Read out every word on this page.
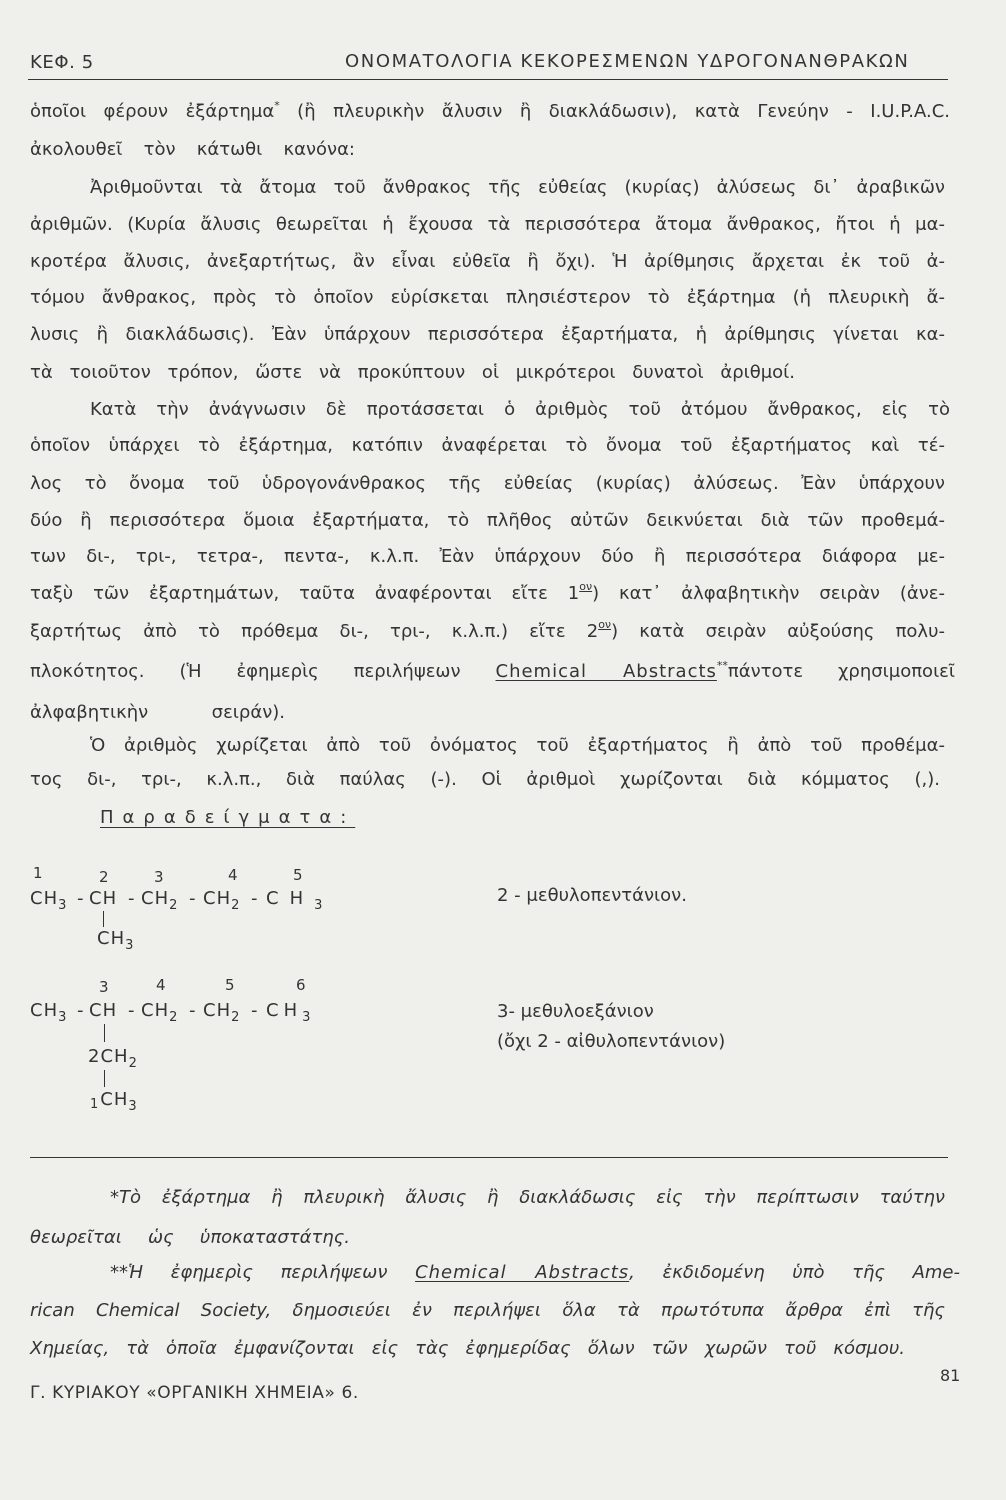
ΚΕΦ. 5	ΟΝΟΜΑΤΟΛΟΓΙΑ ΚΕΚΟΡΕΣΜΕΝΩΝ ΥΔΡΟΓΟΝΑΝΘΡΑΚΩΝ
ὁποῖοι φέρουν ἐξάρτημα* (ἢ πλευρικὴν ἄλυσιν ἢ διακλάδωσιν), κατὰ Γενεύην - I.U.P.A.C.
ἀκολουθεῖ τὸν κάτωθι κανόνα:
Ἀριθμοῦνται τὰ ἄτομα τοῦ ἄνθρακος τῆς εὐθείας (κυρίας) ἀλύσεως δι᾽ ἀραβικῶν
ἀριθμῶν. (Κυρία ἄλυσις θεωρεῖται ἡ ἔχουσα τὰ περισσότερα ἄτομα ἄνθρακος, ἤτοι ἡ μα-
κροτέρα ἄλυσις, ἀνεξαρτήτως, ἂν εἶναι εὐθεῖα ἢ ὄχι). Ἡ ἀρίθμησις ἄρχεται ἐκ τοῦ ἀ-
τόμου ἄνθρακος, πρὸς τὸ ὁποῖον εὑρίσκεται πλησιέστερον τὸ ἐξάρτημα (ἡ πλευρικὴ ἄ-
λυσις ἢ διακλάδωσις). Ἐὰν ὑπάρχουν περισσότερα ἐξαρτήματα, ἡ ἀρίθμησις γίνεται κα-
τὰ τοιοῦτον τρόπον, ὥστε νὰ προκύπτουν οἱ μικρότεροι δυνατοὶ ἀριθμοί.
Κατὰ τὴν ἀνάγνωσιν δὲ προτάσσεται ὁ ἀριθμὸς τοῦ ἀτόμου ἄνθρακος, εἰς τὸ
ὁποῖον ὑπάρχει τὸ ἐξάρτημα, κατόπιν ἀναφέρεται τὸ ὄνομα τοῦ ἐξαρτήματος καὶ τέ-
λος τὸ ὄνομα τοῦ ὑδρογονάνθρακος τῆς εὐθείας (κυρίας) ἀλύσεως. Ἐὰν ὑπάρχουν
δύο ἢ περισσότερα ὅμοια ἐξαρτήματα, τὸ πλῆθος αὐτῶν δεικνύεται διὰ τῶν προθεμά-
των δι-, τρι-, τετρα-, πεντα-, κ.λ.π. Ἐὰν ὑπάρχουν δύο ἢ περισσότερα διάφορα με-
ταξὺ τῶν ἐξαρτημάτων, ταῦτα ἀναφέρονται εἴτε $1^{o\nu}$) κατ᾽ ἀλφαβητικὴν σειρὰν (ἀνε-
ξαρτήτως ἀπὸ τὸ πρόθεμα δι-, τρι-, κ.λ.π.) εἴτε $2^{o\nu}$) κατὰ σειρὰν αὐξούσης πολυ-
πλοκότητος. (Ἡ ἐφημερὶς περιλήψεων Chemical Abstracts**πάντοτε χρησιμοποιεῖ
ἀλφαβητικὴν σειράν).
Ὁ ἀριθμὸς χωρίζεται ἀπὸ τοῦ ὀνόματος τοῦ ἐξαρτήματος ἢ ἀπὸ τοῦ προθέμα-
τος δι-, τρι-, κ.λ.π., διὰ παύλας (-). Οἱ ἀριθμοὶ χωρίζονται διὰ κόμματος (,).
Παραδείγματα:
1	2	3	4	5
$CH_3$ - CH - $CH_2 - CH_2 - CH_3$
$CH_3$
2 - μεθυλοπεντάνιον.
3	4	5	6
$CH_3$ - CH - $CH_2 - CH_2 - CH_3$
$2CH_2$
$1CH_3$
3- μεθυλοεξάνιον
(ὄχι 2 - αἰθυλοπεντάνιον)
*Τὸ ἐξάρτημα ἢ πλευρικὴ ἄλυσις ἢ διακλάδωσις εἰς τὴν περίπτωσιν ταύτην
θεωρεῖται ὡς ὑποκαταστάτης.
**Ἡ ἐφημερὶς περιλήψεων Chemical Abstracts, ἐκδιδομένη ὑπὸ τῆς Ame-
rican Chemical Society, δημοσιεύει ἐν περιλήψει ὅλα τὰ πρωτότυπα ἄρθρα ἐπὶ τῆς
Χημείας, τὰ ὁποῖα ἐμφανίζονται εἰς τὰς ἐφημερίδας ὅλων τῶν χωρῶν τοῦ κόσμου.
Γ. ΚΥΡΙΑΚΟΥ «ΟΡΓΑΝΙΚΗ ΧΗΜΕΙΑ» 6.
81
